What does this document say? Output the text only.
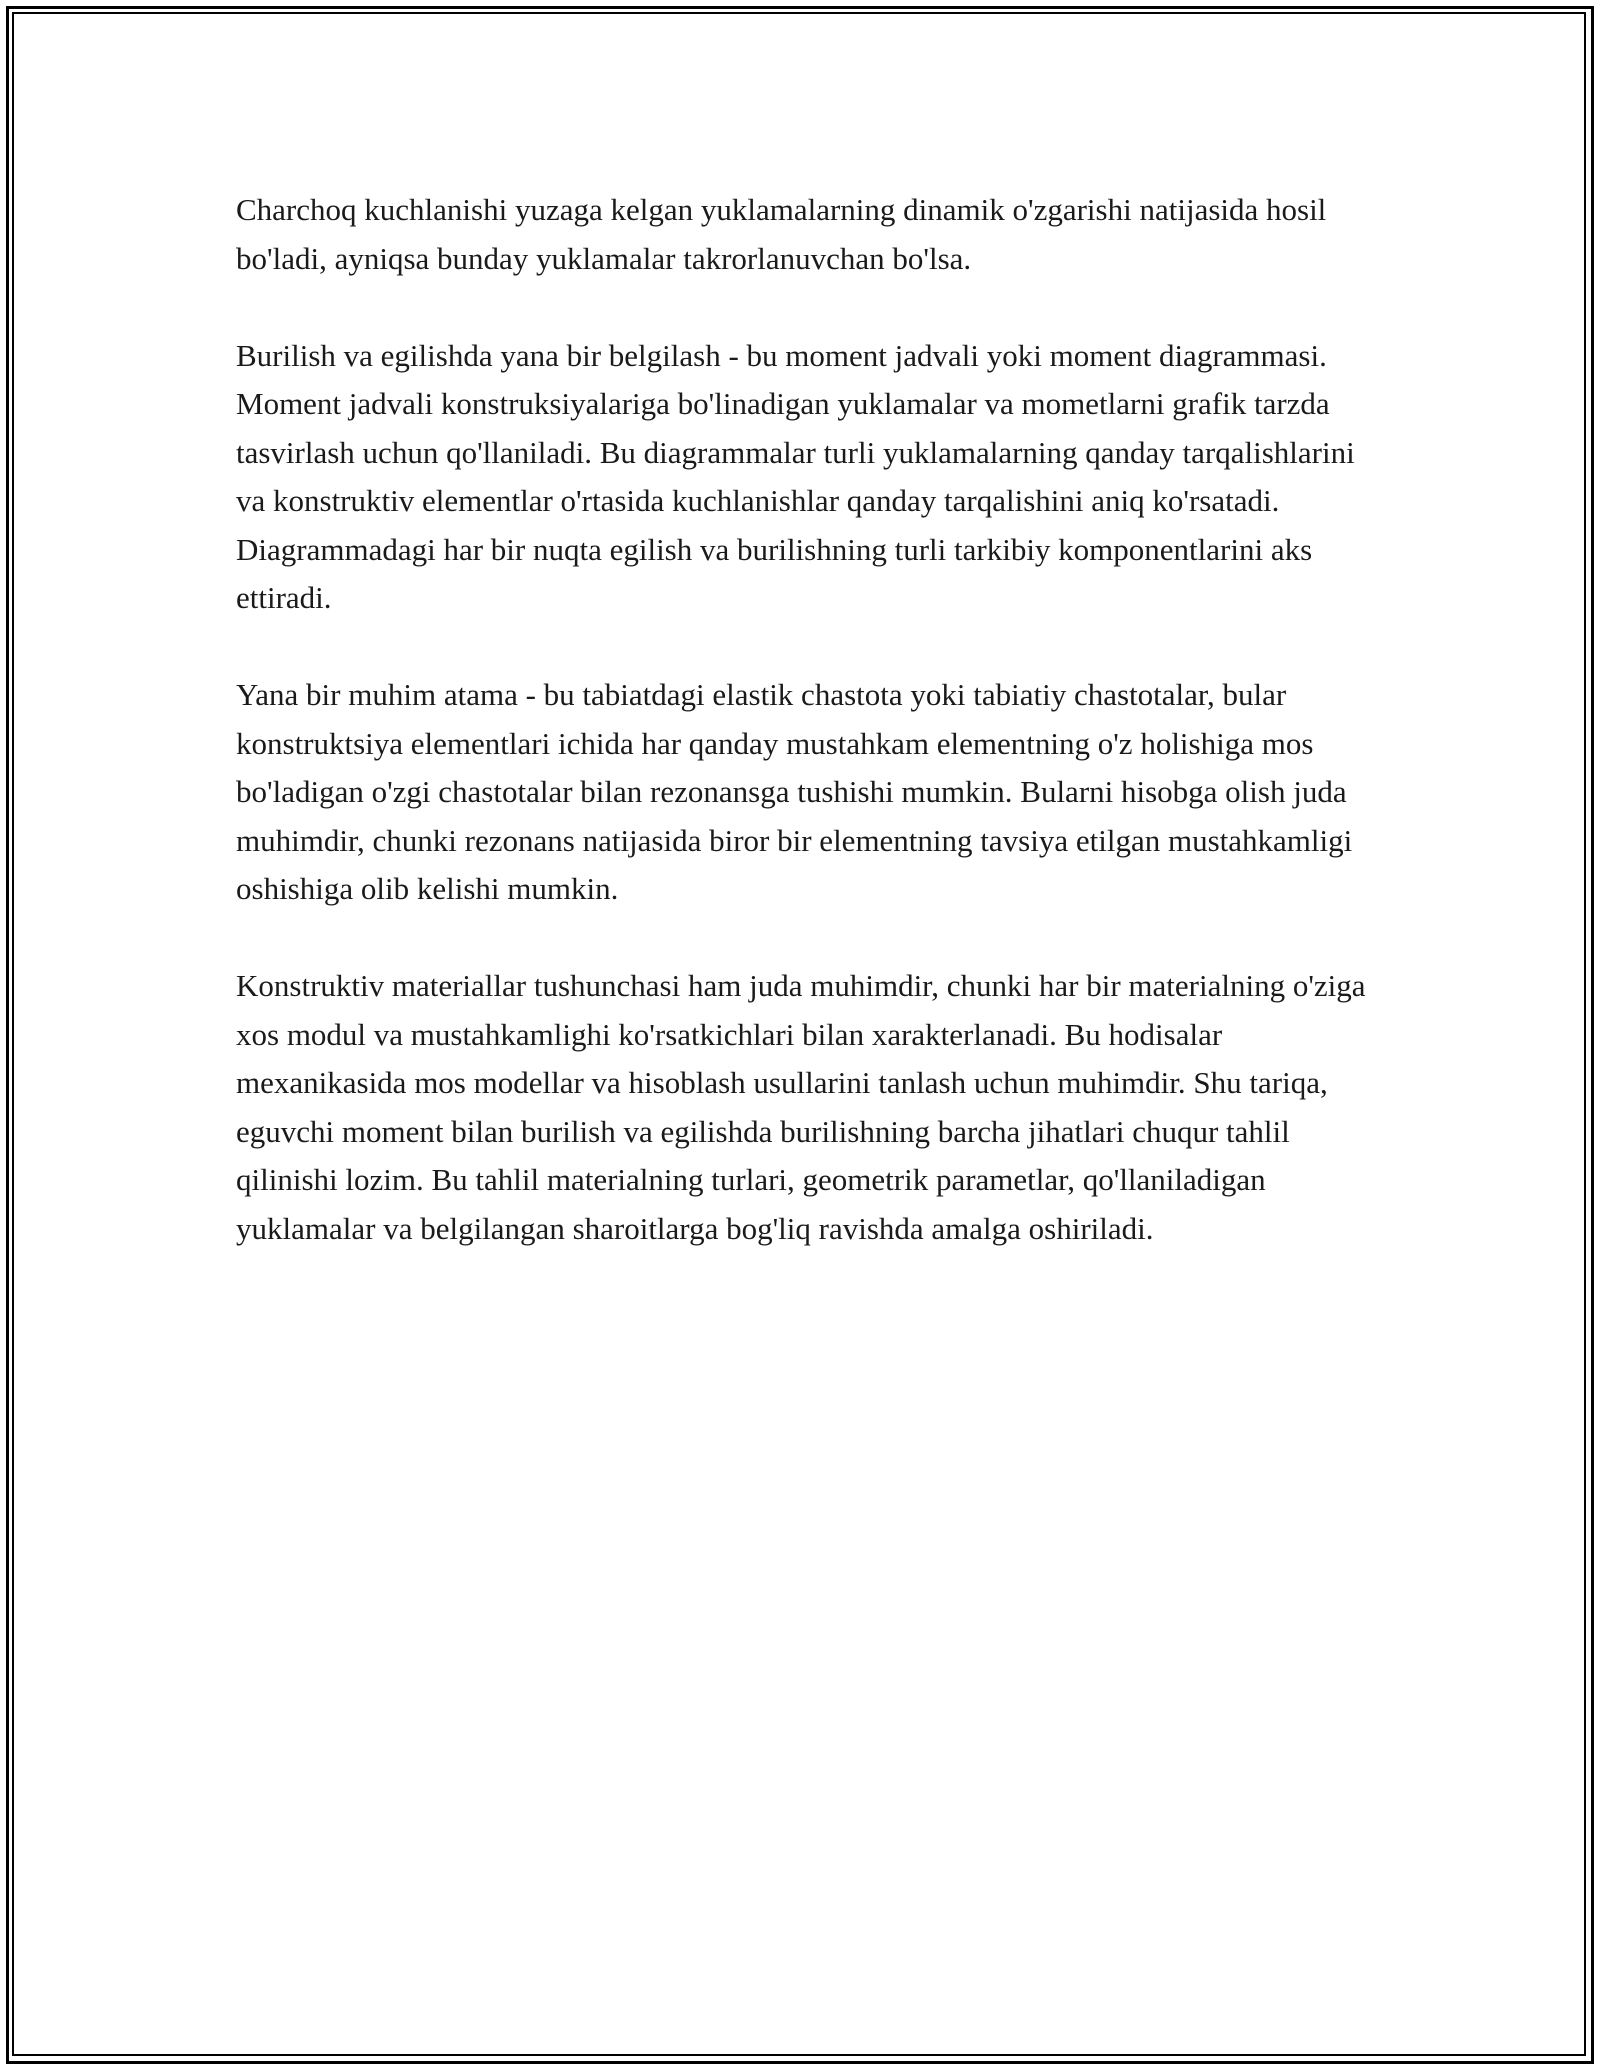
Charchoq kuchlanishi yuzaga kelgan yuklamalarning dinamik o'zgarishi natijasida hosil bo'ladi, ayniqsa bunday yuklamalar takrorlanuvchan bo'lsa.

Burilish va egilishda yana bir belgilash - bu moment jadvali yoki moment diagrammasi. Moment jadvali konstruksiyalariga bo'linadigan yuklamalar va mometlarni grafik tarzda tasvirlash uchun qo'llaniladi. Bu diagrammalar turli yuklamalarning qanday tarqalishlarini va konstruktiv elementlar o'rtasida kuchlanishlar qanday tarqalishini aniq ko'rsatadi. Diagrammadagi har bir nuqta egilish va burilishning turli tarkibiy komponentlarini aks ettiradi.

Yana bir muhim atama - bu tabiatdagi elastik chastota yoki tabiatiy chastotalar, bular konstruktsiya elementlari ichida har qanday mustahkam elementning o'z holishiga mos bo'ladigan o'zgi chastotalar bilan rezonansga tushishi mumkin. Bularni hisobga olish juda muhimdir, chunki rezonans natijasida biror bir elementning tavsiya etilgan mustahkamligi oshishiga olib kelishi mumkin.

Konstruktiv materiallar tushunchasi ham juda muhimdir, chunki har bir materialning o'ziga xos modul va mustahkamlighi ko'rsatkichlari bilan xarakterlanadi. Bu hodisalar mexanikasida mos modellar va hisoblash usullarini tanlash uchun muhimdir. Shu tariqa, eguvchi moment bilan burilish va egilishda burilishning barcha jihatlari chuqur tahlil qilinishi lozim. Bu tahlil materialning turlari, geometrik parametlar, qo'llaniladigan yuklamalar va belgilangan sharoitlarga bog'liq ravishda amalga oshiriladi.
